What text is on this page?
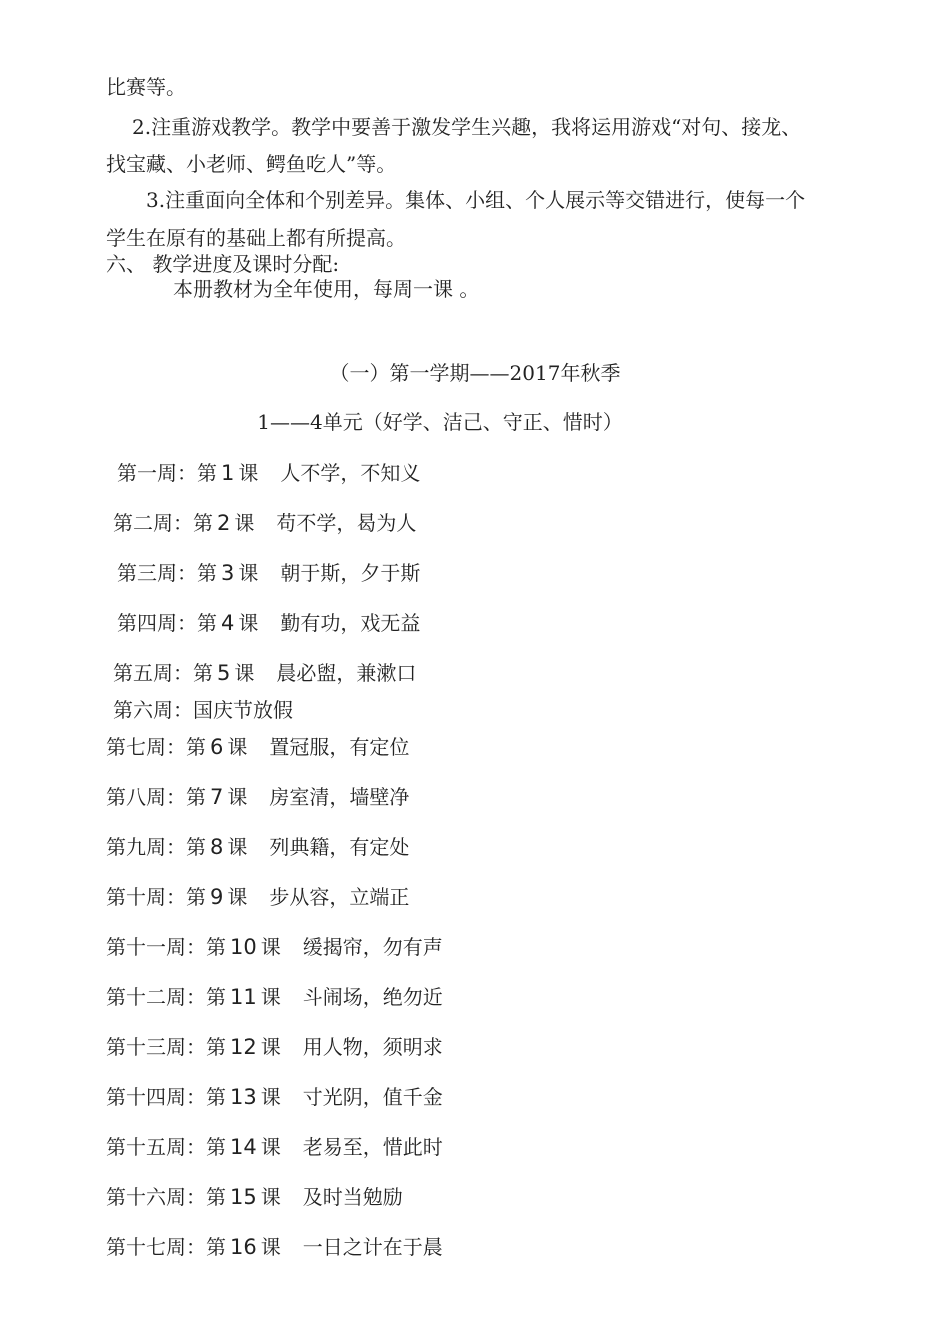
比赛等。
2.注重游戏教学。教学中要善于激发学生兴趣，我将运用游戏“对句、接龙、
找宝藏、小老师、鳄鱼吃人”等。
3.注重面向全体和个别差异。集体、小组、个人展示等交错进行，使每一个
学生在原有的基础上都有所提高。
六、 教学进度及课时分配:
本册教材为全年使用，每周一课 。
（一）第一学期——2017年秋季
1——4单元（好学、洁己、守正、惜时）
第一周：第 1 课 人不学，不知义
第二周：第 2 课 苟不学，曷为人
第三周：第 3 课 朝于斯，夕于斯
第四周：第 4 课 勤有功，戏无益
第五周：第 5 课 晨必盥，兼漱口
第六周：国庆节放假
第七周：第 6 课 置冠服，有定位
第八周：第 7 课 房室清，墙壁净
第九周：第 8 课 列典籍，有定处
第十周：第 9 课 步从容，立端正
第十一周：第 10 课 缓揭帘，勿有声
第十二周：第 11 课 斗闹场，绝勿近
第十三周：第 12 课 用人物，须明求
第十四周：第 13 课 寸光阴，值千金
第十五周：第 14 课 老易至，惜此时
第十六周：第 15 课 及时当勉励
第十七周：第 16 课 一日之计在于晨
